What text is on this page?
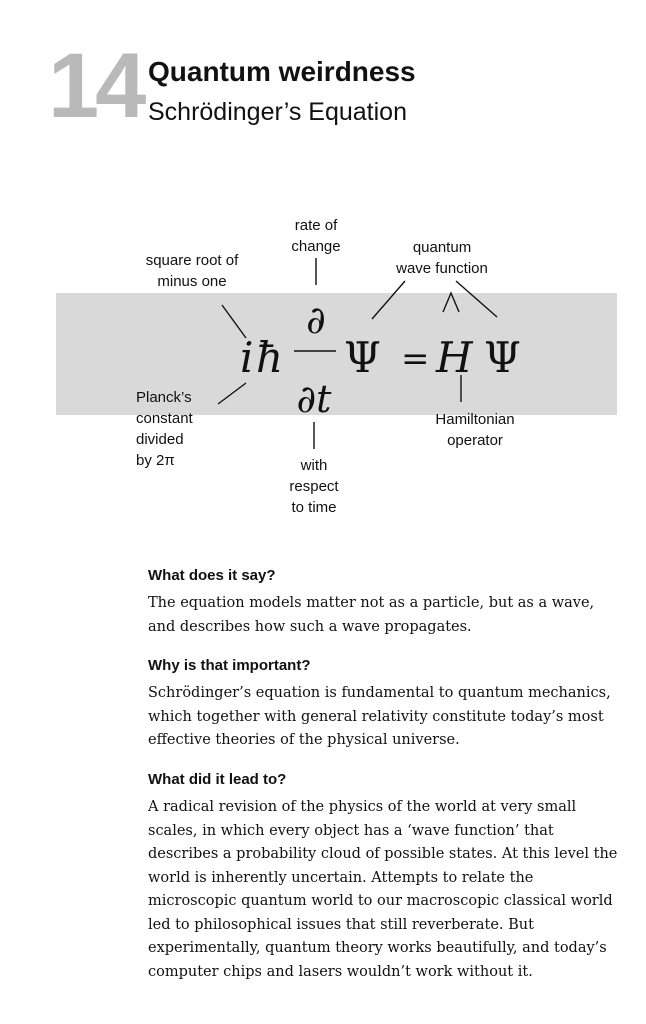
14 Quantum weirdness
Schrödinger’s Equation
i ħ
∂
∂t
Ψ = H Ψ
rate of
change
square root of
minus one
quantum
wave function
Planck’s
constant
divided
by 2π
Hamiltonian
operator
with
respect
to time
What does it say?

The equation models matter not as a particle, but as a wave, and describes how such a wave propagates.

Why is that important?

Schrödinger’s equation is fundamental to quantum mechanics, which together with general relativity constitute today’s most effective theories of the physical universe.

What did it lead to?

A radical revision of the physics of the world at very small scales, in which every object has a ‘wave function’ that describes a probability cloud of possible states. At this level the world is inherently uncertain. Attempts to relate the microscopic quantum world to our macroscopic classical world led to philosophical issues that still reverberate. But experimentally, quantum theory works beautifully, and today’s computer chips and lasers wouldn’t work without it.
